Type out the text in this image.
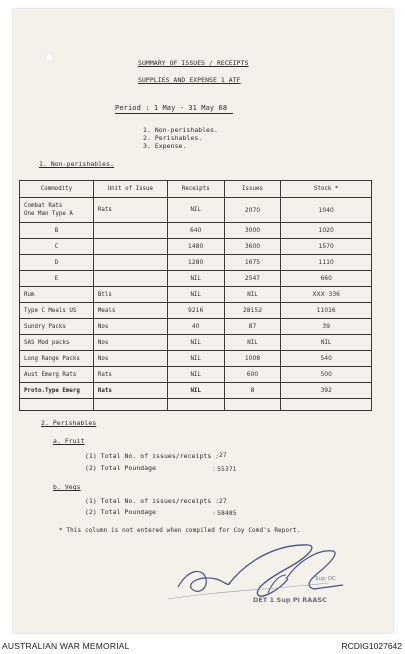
SUMMARY OF ISSUES / RECEIPTS
SUPPLIES AND EXPENSE 1 ATF
Period : 1 May - 31 May 68
1. Non-perishables.
2. Perishables.
3. Expense.
1. Non-perishables.
Commodity	Unit of Issue	Receipts	Issues	Stock *
Combat Rats
One Man Type A	Rats	NIL	2070	1040
B		640	3000	1020
C		1480	3600	1570
D		1280	1675	1110
E		NIL	2547	660
Rum	Btls	NIL	NIL	XXX  336
Type C Meals US	Meals	9216	28152	11016
Sundry Packs	Nos	40	87	39
SAS Mod packs	Nos	NIL	NIL	NIL
Long Range Packs	Nos	NIL	1008	540
Aust Emerg Rats	Rats	NIL	600	500
Proto.Type Emerg	Rats	NIL	8	392

2. Perishables
a. Fruit
(1) Total No. of issues/receipts : 27
(2) Total Poundage	: 55371
b. Vegs
(1) Total No. of issues/receipts : 27
(2) Total Poundage	: 58485
* This column is not entered when compiled for Coy Comd's Report.
Sup OC
DET 1 Sup Pl RAASC
AUSTRALIAN WAR MEMORIAL	RCDIG1027642
